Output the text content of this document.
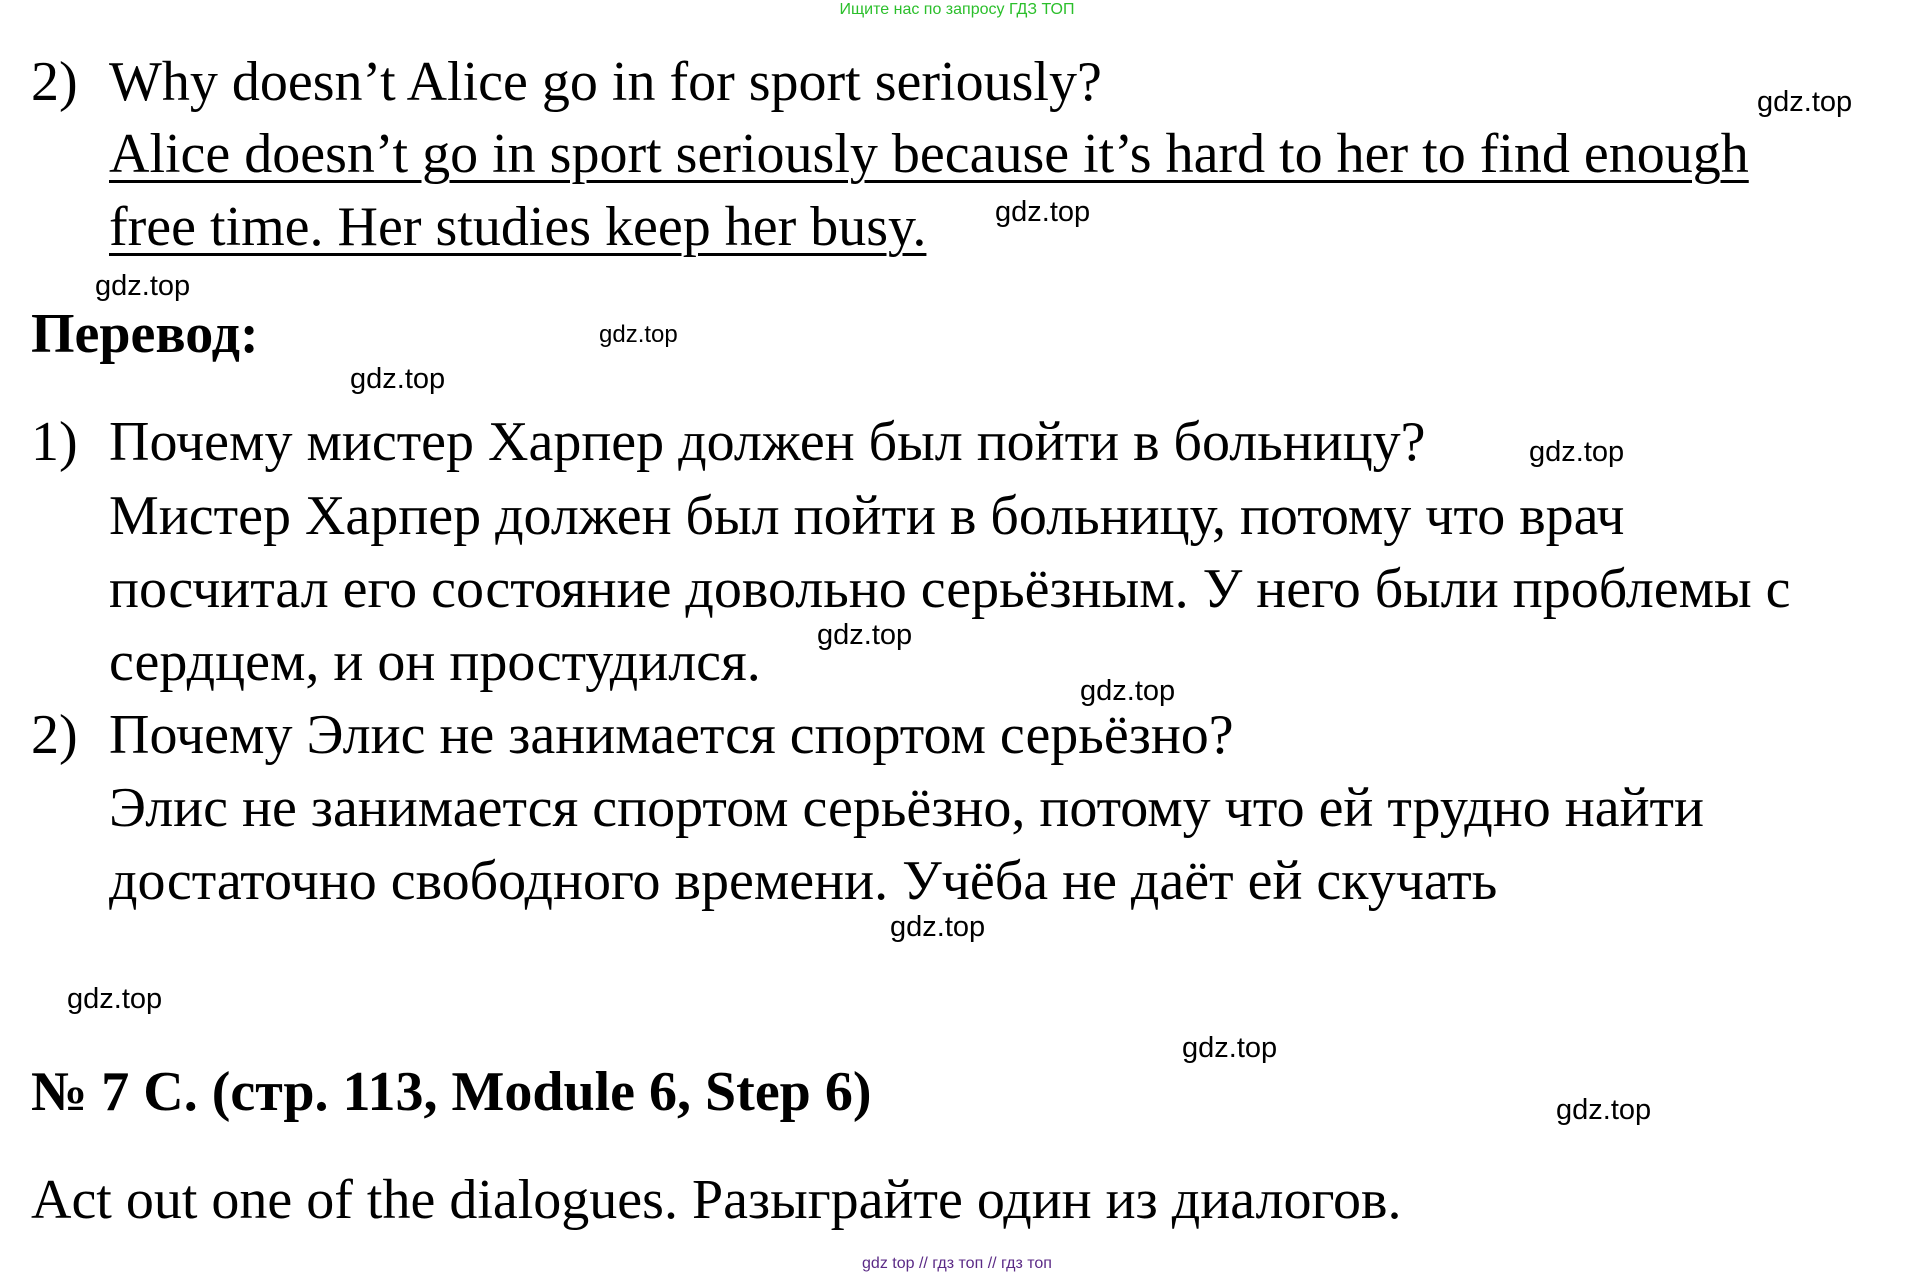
Ищите нас по запросу ГДЗ ТОП
2) Why doesn’t Alice go in for sport seriously?
Alice doesn’t go in sport seriously because it’s hard to her to find enough
free time. Her studies keep her busy.
Перевод:
1) Почему мистер Харпер должен был пойти в больницу?
Мистер Харпер должен был пойти в больницу, потому что врач
посчитал его состояние довольно серьёзным. У него были проблемы с
сердцем, и он простудился.
2) Почему Элис не занимается спортом серьёзно?
Элис не занимается спортом серьёзно, потому что ей трудно найти
достаточно свободного времени. Учёба не даёт ей скучать
№ 7 C. (стр. 113, Module 6, Step 6)
Act out one of the dialogues. Разыграйте один из диалогов.
gdz.top
gdz.top
gdz.top
gdz.top
gdz.top
gdz.top
gdz.top
gdz.top
gdz.top
gdz.top
gdz.top
gdz.top
gdz top // гдз топ // гдз топ
